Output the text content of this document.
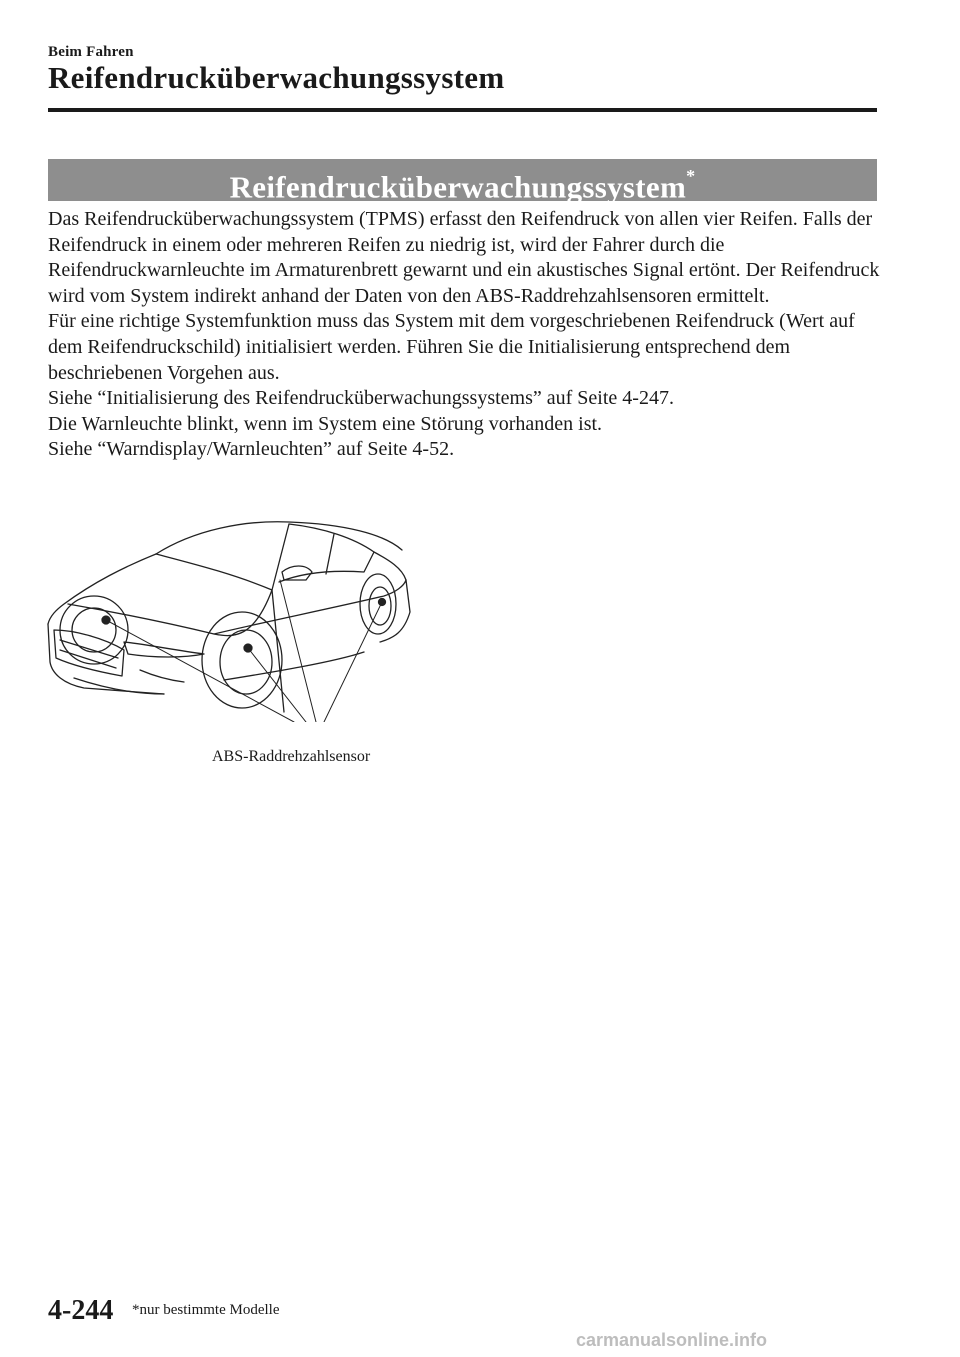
Beim Fahren
Reifendrucküberwachungssystem
Reifendrucküberwachungssystem*

Das Reifendrucküberwachungssystem (TPMS) erfasst den Reifendruck von allen vier Reifen. Falls der Reifendruck in einem oder mehreren Reifen zu niedrig ist, wird der Fahrer durch die Reifendruckwarnleuchte im Armaturenbrett gewarnt und ein akustisches Signal ertönt. Der Reifendruck wird vom System indirekt anhand der Daten von den ABS-Raddrehzahlsensoren ermittelt.

Für eine richtige Systemfunktion muss das System mit dem vorgeschriebenen Reifendruck (Wert auf dem Reifendruckschild) initialisiert werden. Führen Sie die Initialisierung entsprechend dem beschriebenen Vorgehen aus.

Siehe “Initialisierung des Reifendrucküberwachungssystems” auf Seite 4-247.

Die Warnleuchte blinkt, wenn im System eine Störung vorhanden ist.

Siehe “Warndisplay/Warnleuchten” auf Seite 4-52.

ABS-Raddrehzahlsensor
4-244 *nur bestimmte Modelle
carmanualsonline.info
